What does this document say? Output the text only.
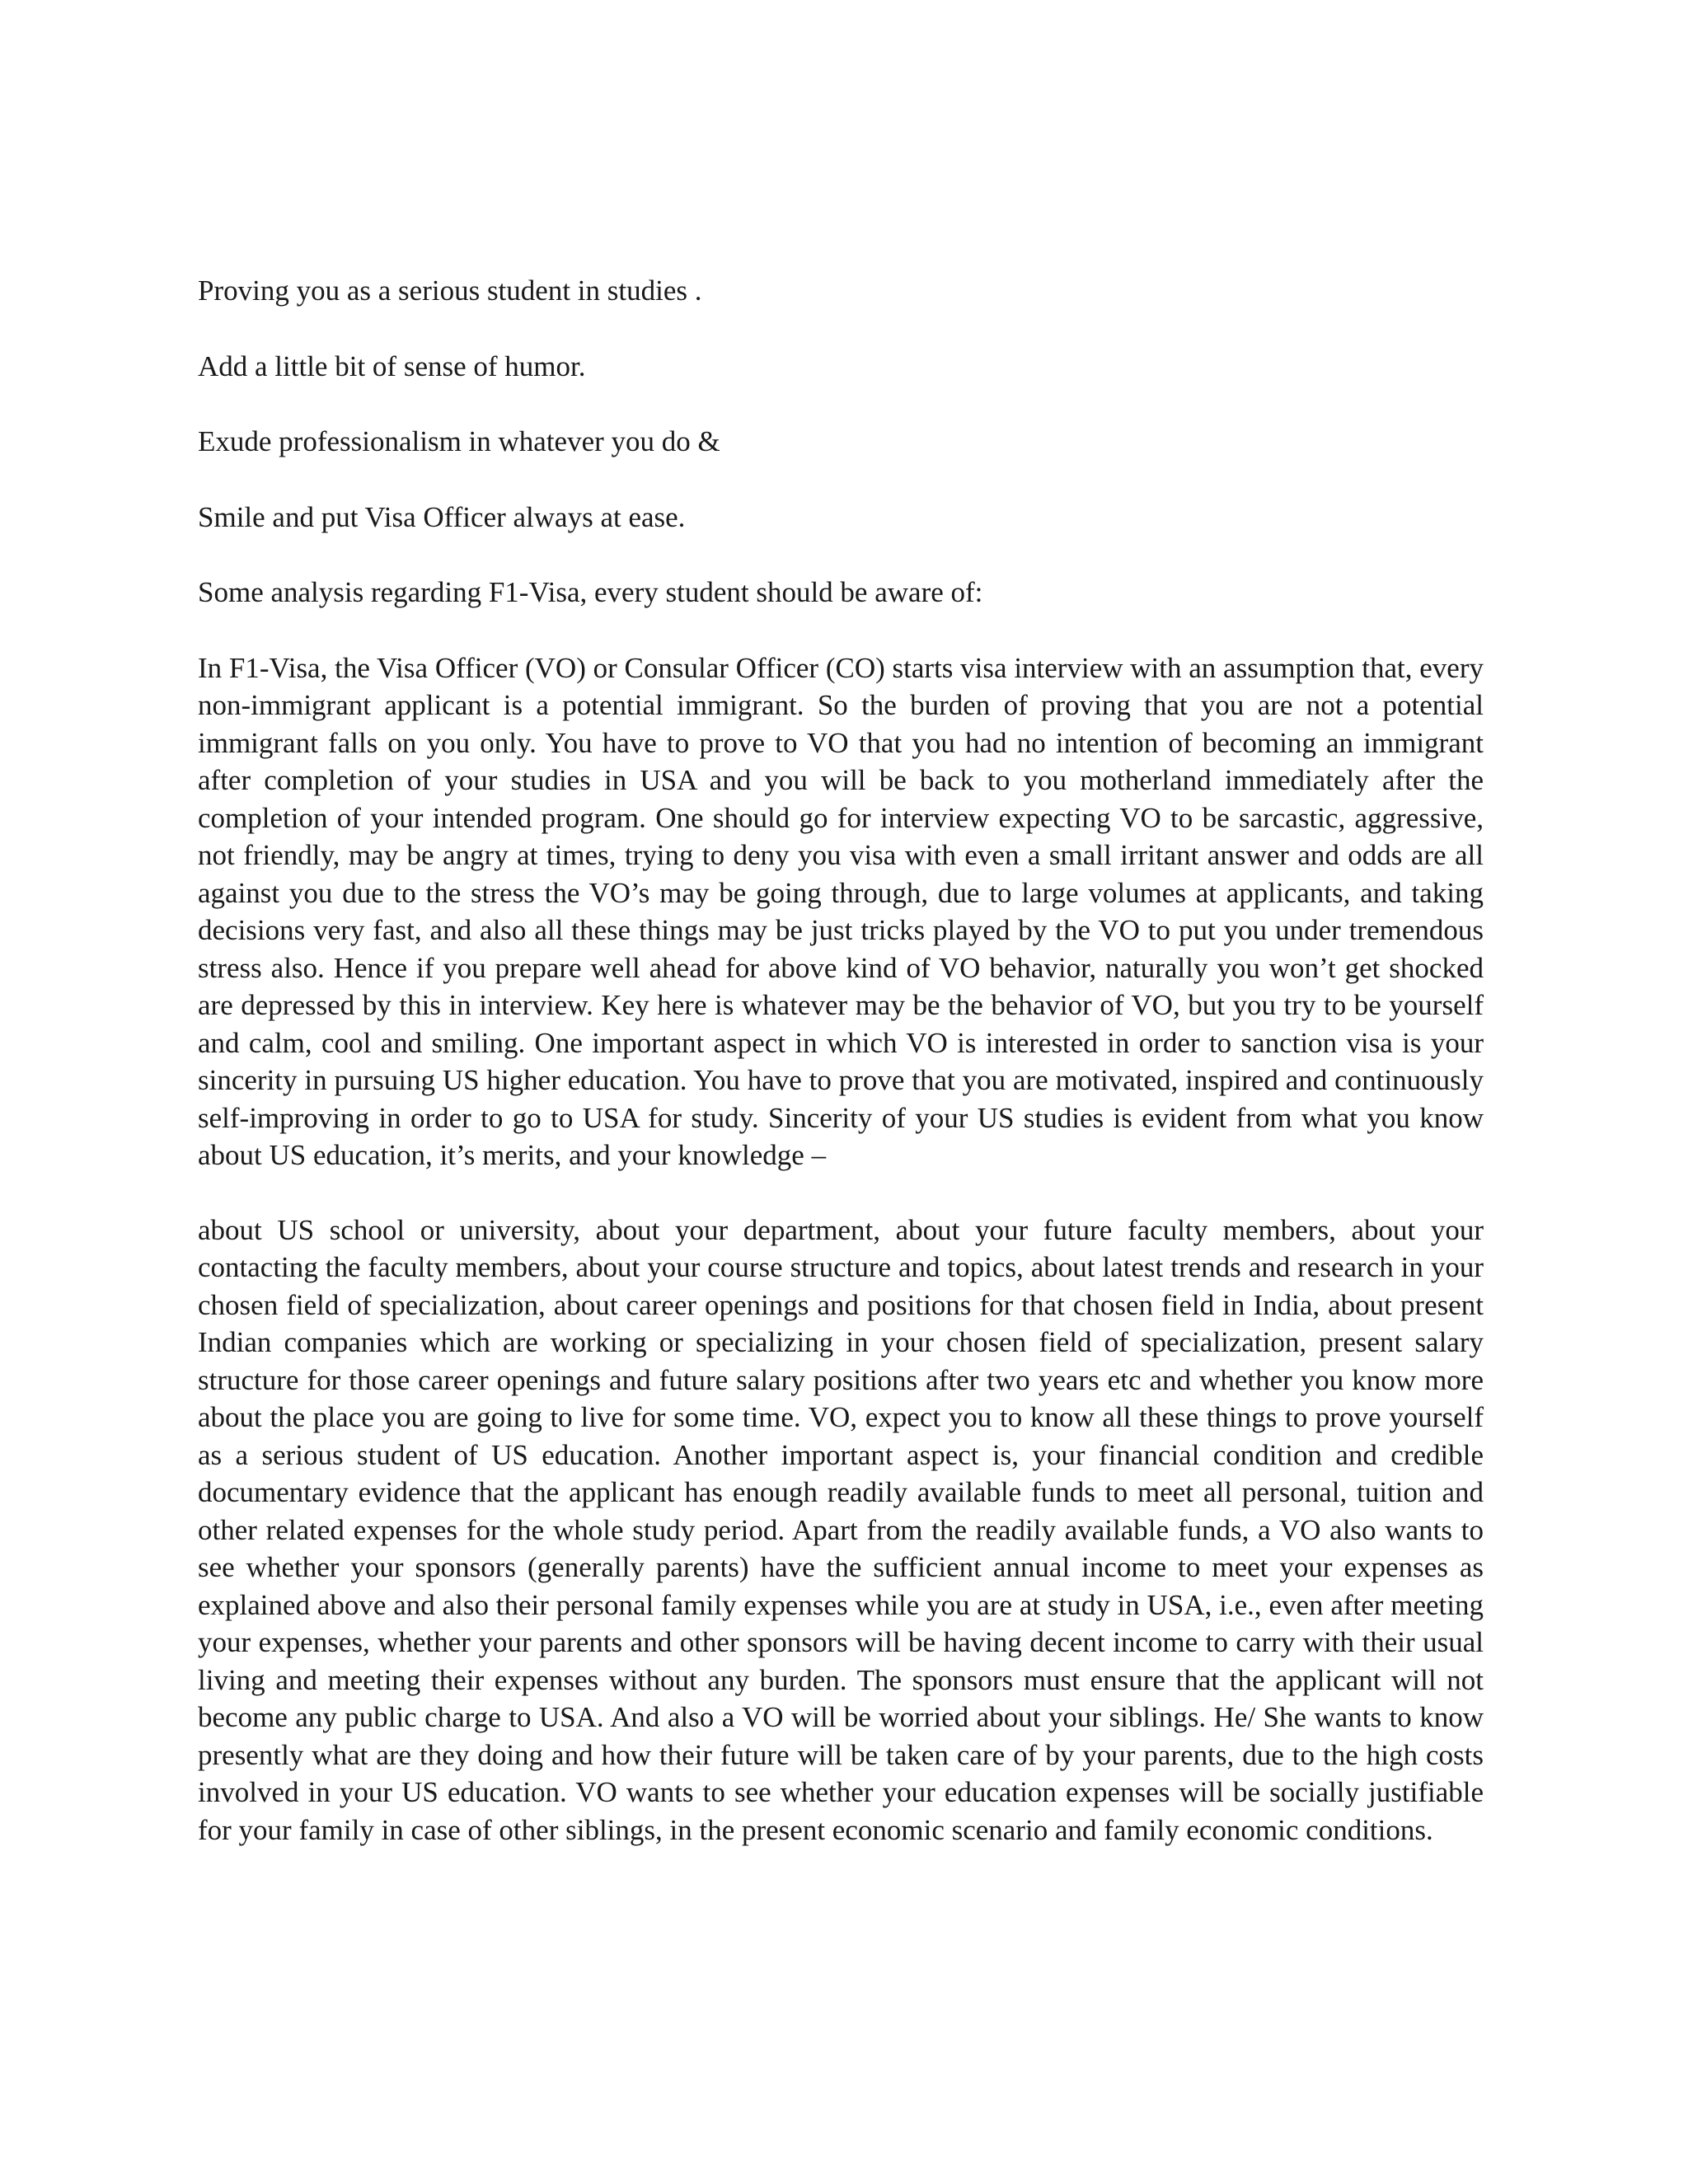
Proving you as a serious student in studies .

Add a little bit of sense of humor.

Exude professionalism in whatever you do &

Smile and put Visa Officer always at ease.

Some analysis regarding F1-Visa, every student should be aware of:

In F1-Visa, the Visa Officer (VO) or Consular Officer (CO) starts visa interview with an assumption that, every non-immigrant applicant is a potential immigrant. So the burden of proving that you are not a potential immigrant falls on you only. You have to prove to VO that you had no intention of becoming an immigrant after completion of your studies in USA and you will be back to you motherland immediately after the completion of your intended program. One should go for interview expecting VO to be sarcastic, aggressive, not friendly, may be angry at times, trying to deny you visa with even a small irritant answer and odds are all against you due to the stress the VO’s may be going through, due to large volumes at applicants, and taking decisions very fast, and also all these things may be just tricks played by the VO to put you under tremendous stress also. Hence if you prepare well ahead for above kind of VO behavior, naturally you won’t get shocked are depressed by this in interview. Key here is whatever may be the behavior of VO, but you try to be yourself and calm, cool and smiling. One important aspect in which VO is interested in order to sanction visa is your sincerity in pursuing US higher education. You have to prove that you are motivated, inspired and continuously self-improving in order to go to USA for study. Sincerity of your US studies is evident from what you know about US education, it’s merits, and your knowledge –

about US school or university, about your department, about your future faculty members, about your contacting the faculty members, about your course structure and topics, about latest trends and research in your chosen field of specialization, about career openings and positions for that chosen field in India, about present Indian companies which are working or specializing in your chosen field of specialization, present salary structure for those career openings and future salary positions after two years etc and whether you know more about the place you are going to live for some time. VO, expect you to know all these things to prove yourself as a serious student of US education. Another important aspect is, your financial condition and credible documentary evidence that the applicant has enough readily available funds to meet all personal, tuition and other related expenses for the whole study period. Apart from the readily available funds, a VO also wants to see whether your sponsors (generally parents) have the sufficient annual income to meet your expenses as explained above and also their personal family expenses while you are at study in USA, i.e., even after meeting your expenses, whether your parents and other sponsors will be having decent income to carry with their usual living and meeting their expenses without any burden. The sponsors must ensure that the applicant will not become any public charge to USA. And also a VO will be worried about your siblings. He/ She wants to know presently what are they doing and how their future will be taken care of by your parents, due to the high costs involved in your US education. VO wants to see whether your education expenses will be socially justifiable for your family in case of other siblings, in the present economic scenario and family economic conditions.
